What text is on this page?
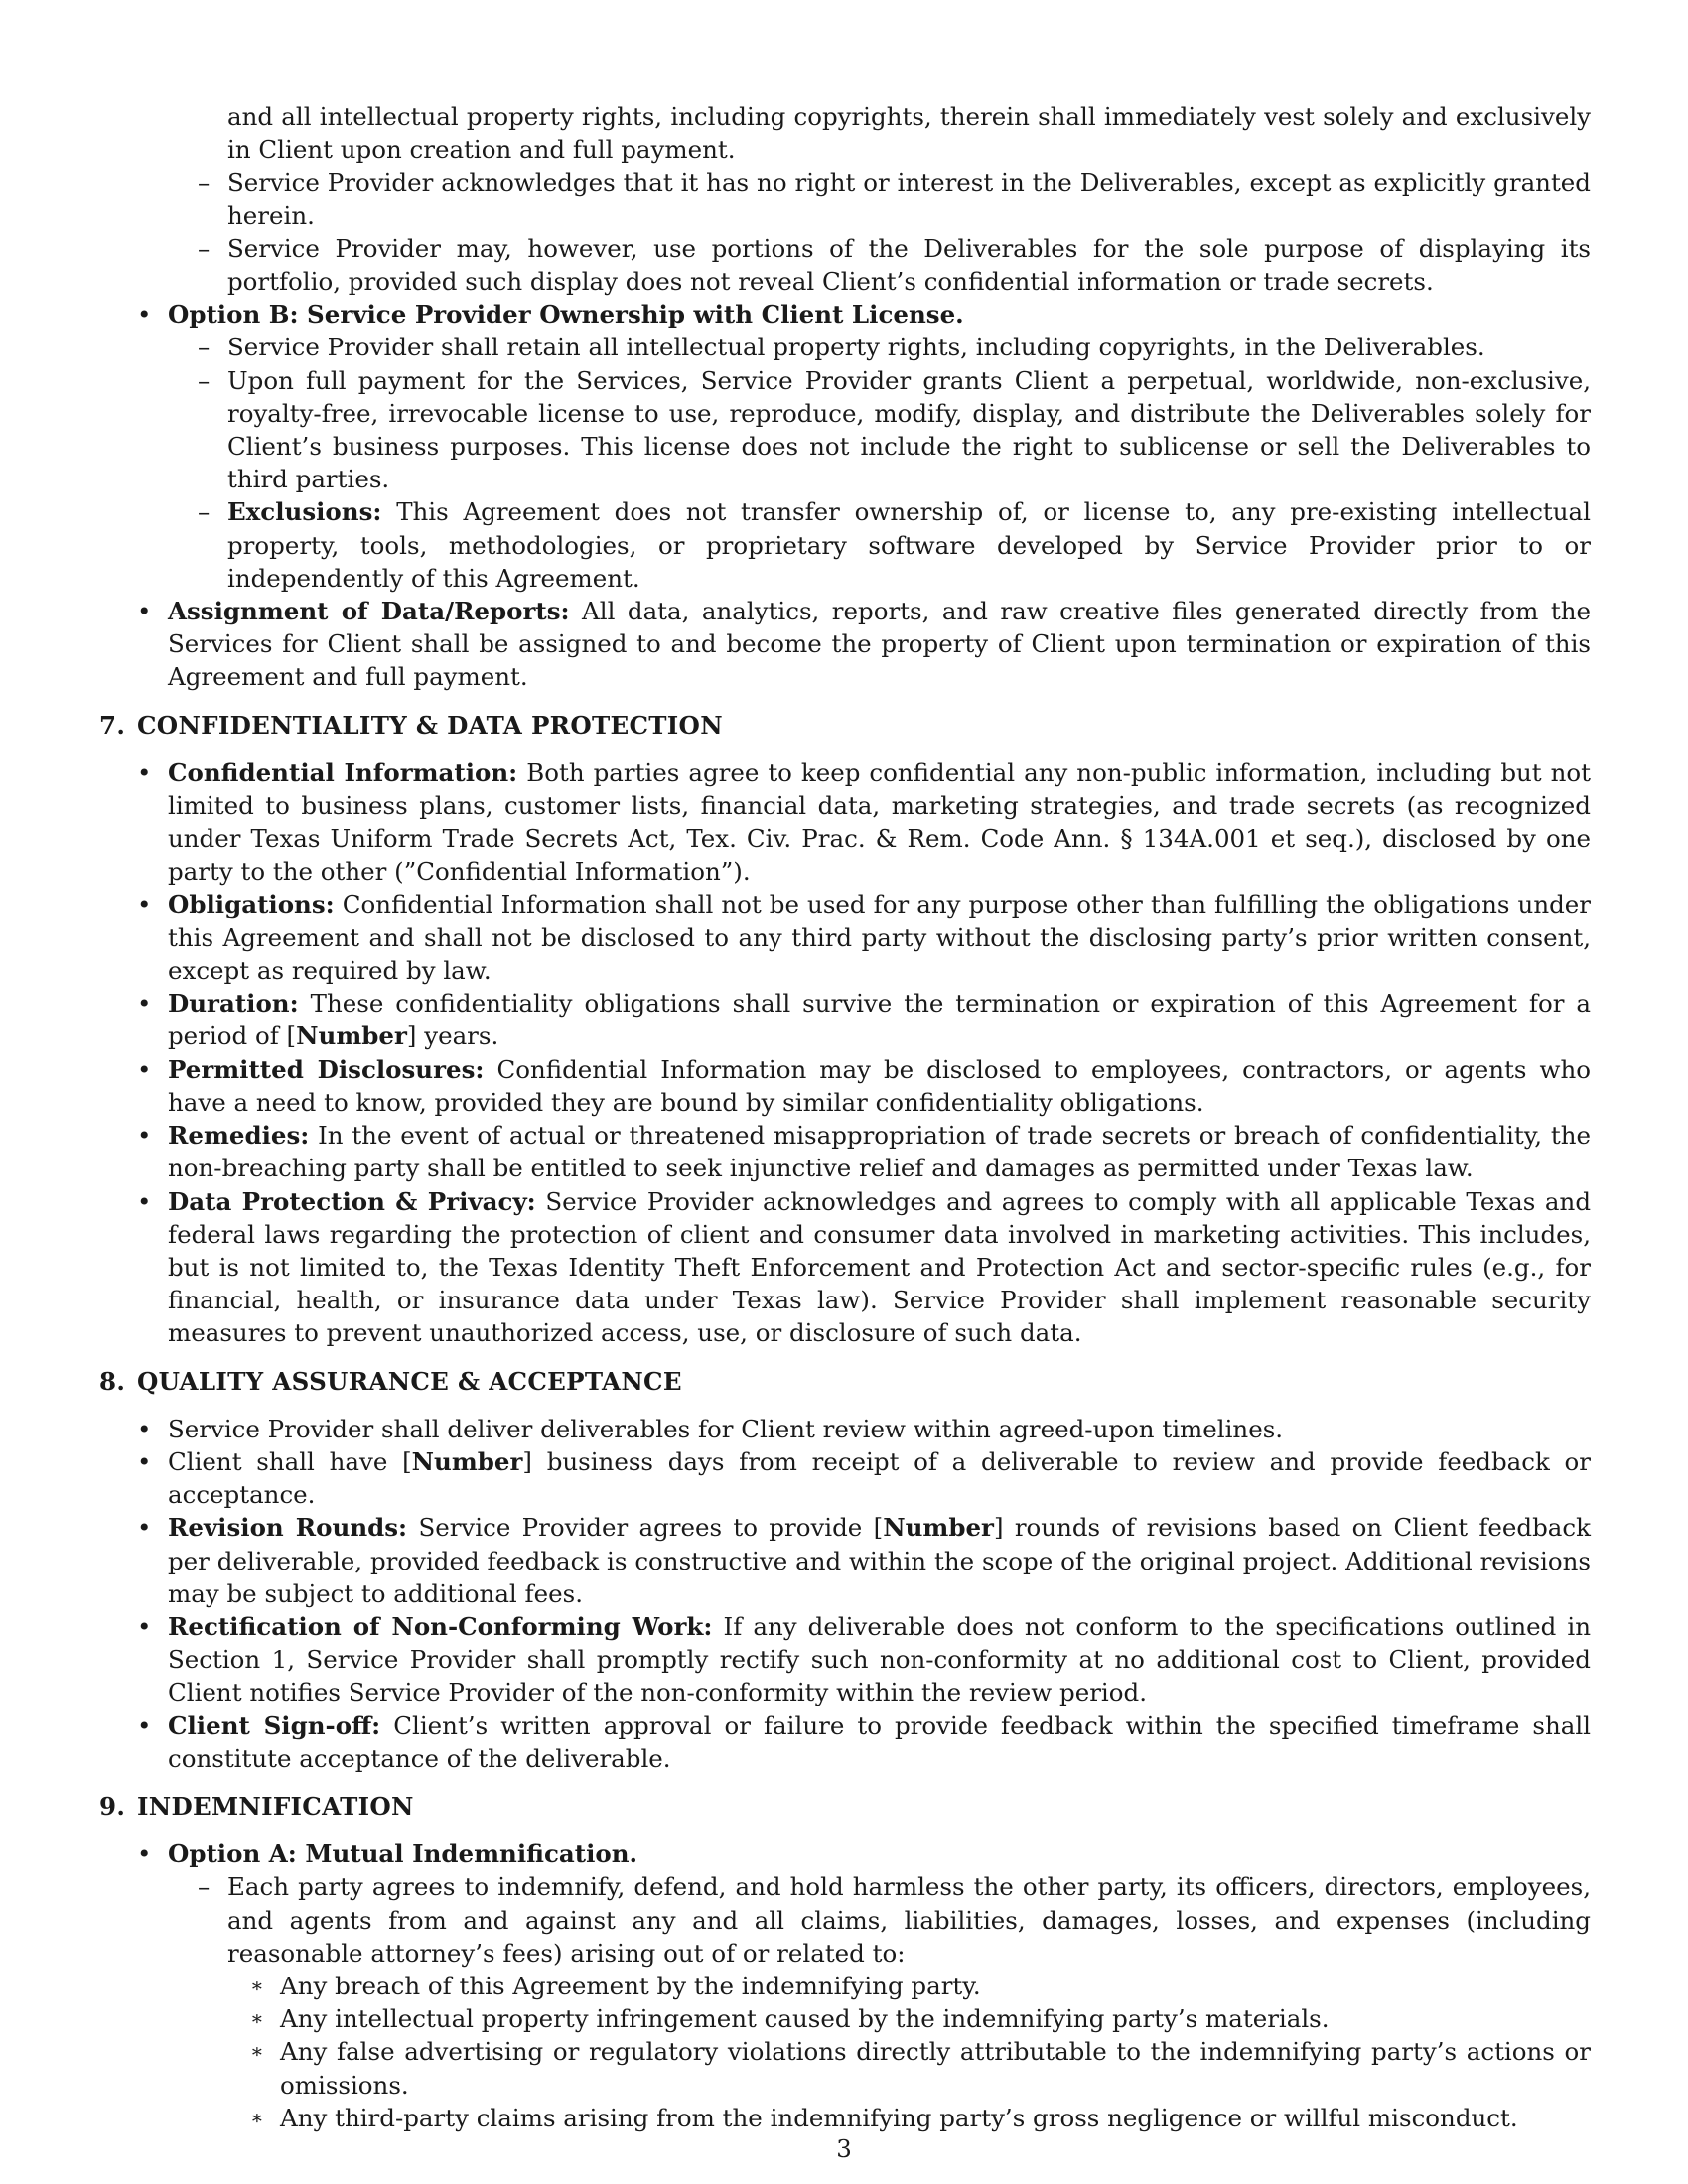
and all intellectual property rights, including copyrights, therein shall immediately vest solely and exclusively in Client upon creation and full payment.

– Service Provider acknowledges that it has no right or interest in the Deliverables, except as explicitly granted herein.
– Service Provider may, however, use portions of the Deliverables for the sole purpose of displaying its portfolio, provided such display does not reveal Client’s confidential information or trade secrets.
• Option B: Service Provider Ownership with Client License.
– Service Provider shall retain all intellectual property rights, including copyrights, in the Deliverables.
– Upon full payment for the Services, Service Provider grants Client a perpetual, worldwide, non-exclusive, royalty-free, irrevocable license to use, reproduce, modify, display, and distribute the Deliverables solely for Client’s business purposes. This license does not include the right to sublicense or sell the Deliverables to third parties.
– Exclusions: This Agreement does not transfer ownership of, or license to, any pre-existing intellectual property, tools, methodologies, or proprietary software developed by Service Provider prior to or independently of this Agreement.
• Assignment of Data/Reports: All data, analytics, reports, and raw creative files generated directly from the Services for Client shall be assigned to and become the property of Client upon termination or expiration of this Agreement and full payment.
7. CONFIDENTIALITY & DATA PROTECTION
• Confidential Information: Both parties agree to keep confidential any non-public information, including but not limited to business plans, customer lists, financial data, marketing strategies, and trade secrets (as recognized under Texas Uniform Trade Secrets Act, Tex. Civ. Prac. & Rem. Code Ann. § 134A.001 et seq.), disclosed by one party to the other (”Confidential Information”).
• Obligations: Confidential Information shall not be used for any purpose other than fulfilling the obligations under this Agreement and shall not be disclosed to any third party without the disclosing party’s prior written consent, except as required by law.
• Duration: These confidentiality obligations shall survive the termination or expiration of this Agreement for a period of [Number] years.
• Permitted Disclosures: Confidential Information may be disclosed to employees, contractors, or agents who have a need to know, provided they are bound by similar confidentiality obligations.
• Remedies: In the event of actual or threatened misappropriation of trade secrets or breach of confidentiality, the non-breaching party shall be entitled to seek injunctive relief and damages as permitted under Texas law.
• Data Protection & Privacy: Service Provider acknowledges and agrees to comply with all applicable Texas and federal laws regarding the protection of client and consumer data involved in marketing activities. This includes, but is not limited to, the Texas Identity Theft Enforcement and Protection Act and sector-specific rules (e.g., for financial, health, or insurance data under Texas law). Service Provider shall implement reasonable security measures to prevent unauthorized access, use, or disclosure of such data.
8. QUALITY ASSURANCE & ACCEPTANCE
• Service Provider shall deliver deliverables for Client review within agreed-upon timelines.
• Client shall have [Number] business days from receipt of a deliverable to review and provide feedback or acceptance.
• Revision Rounds: Service Provider agrees to provide [Number] rounds of revisions based on Client feedback per deliverable, provided feedback is constructive and within the scope of the original project. Additional revisions may be subject to additional fees.
• Rectification of Non-Conforming Work: If any deliverable does not conform to the specifications outlined in Section 1, Service Provider shall promptly rectify such non-conformity at no additional cost to Client, provided Client notifies Service Provider of the non-conformity within the review period.
• Client Sign-off: Client’s written approval or failure to provide feedback within the specified timeframe shall constitute acceptance of the deliverable.
9. INDEMNIFICATION
• Option A: Mutual Indemnification.
– Each party agrees to indemnify, defend, and hold harmless the other party, its officers, directors, employees, and agents from and against any and all claims, liabilities, damages, losses, and expenses (including reasonable attorney’s fees) arising out of or related to:
∗ Any breach of this Agreement by the indemnifying party.
∗ Any intellectual property infringement caused by the indemnifying party’s materials.
∗ Any false advertising or regulatory violations directly attributable to the indemnifying party’s actions or omissions.
∗ Any third-party claims arising from the indemnifying party’s gross negligence or willful misconduct.
3
